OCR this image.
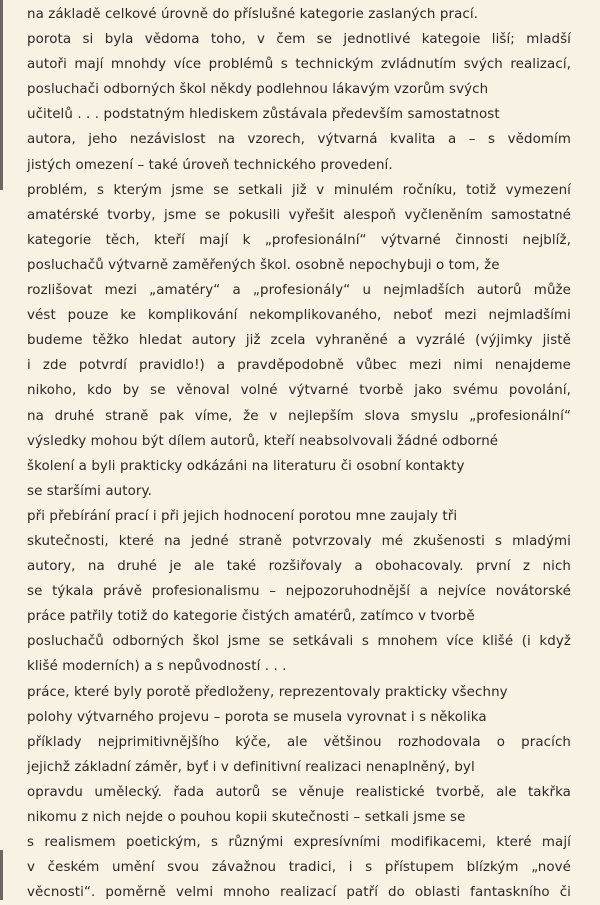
na základě celkové úrovně do příslušné kategorie zaslaných prací.
porota si byla vědoma toho, v čem se jednotlivé kategoie liší; mladší
autoři mají mnohdy více problémů s technickým zvládnutím svých realizací,
posluchači odborných škol někdy podlehnou lákavým vzorům svých
učitelů . . . podstatným hlediskem zůstávala především samostatnost
autora, jeho nezávislost na vzorech, výtvarná kvalita a – s vědomím
jistých omezení – také úroveň technického provedení.
problém, s kterým jsme se setkali již v minulém ročníku, totiž vymezení
amatérské tvorby, jsme se pokusili vyřešit alespoň vyčleněním samostatné
kategorie těch, kteří mají k „profesionální“ výtvarné činnosti nejblíž,
posluchačů výtvarně zaměřených škol. osobně nepochybuji o tom, že
rozlišovat mezi „amatéry“ a „profesionály“ u nejmladších autorů může
vést pouze ke komplikování nekomplikovaného, neboť mezi nejmladšími
budeme těžko hledat autory již zcela vyhraněné a vyzrálé (výjimky jistě
i zde potvrdí pravidlo!) a pravděpodobně vůbec mezi nimi nenajdeme
nikoho, kdo by se věnoval volné výtvarné tvorbě jako svému povolání,
na druhé straně pak víme, že v nejlepším slova smyslu „profesionální“
výsledky mohou být dílem autorů, kteří neabsolvovali žádné odborné
školení a byli prakticky odkázáni na literaturu či osobní kontakty
se staršími autory.
při přebírání prací i při jejich hodnocení porotou mne zaujaly tři
skutečnosti, které na jedné straně potvrzovaly mé zkušenosti s mladými
autory, na druhé je ale také rozšiřovaly a obohacovaly. první z nich
se týkala právě profesionalismu – nejpozoruhodnější a nejvíce novátorské
práce patřily totiž do kategorie čistých amatérů, zatímco v tvorbě
posluchačů odborných škol jsme se setkávali s mnohem více klišé (i když
klišé moderních) a s nepůvodností . . .
práce, které byly porotě předloženy, reprezentovaly prakticky všechny
polohy výtvarného projevu – porota se musela vyrovnat i s několika
příklady nejprimitivnějšího kýče, ale většinou rozhodovala o pracích
jejichž základní záměr, byť i v definitivní realizaci nenaplněný, byl
opravdu umělecký. řada autorů se věnuje realistické tvorbě, ale takřka
nikomu z nich nejde o pouhou kopii skutečnosti – setkali jsme se
s realismem poetickým, s různými expresívními modifikacemi, které mají
v českém umění svou závažnou tradici, i s přístupem blízkým „nové
věcnosti“. poměrně velmi mnoho realizací patří do oblasti fantaskního či
